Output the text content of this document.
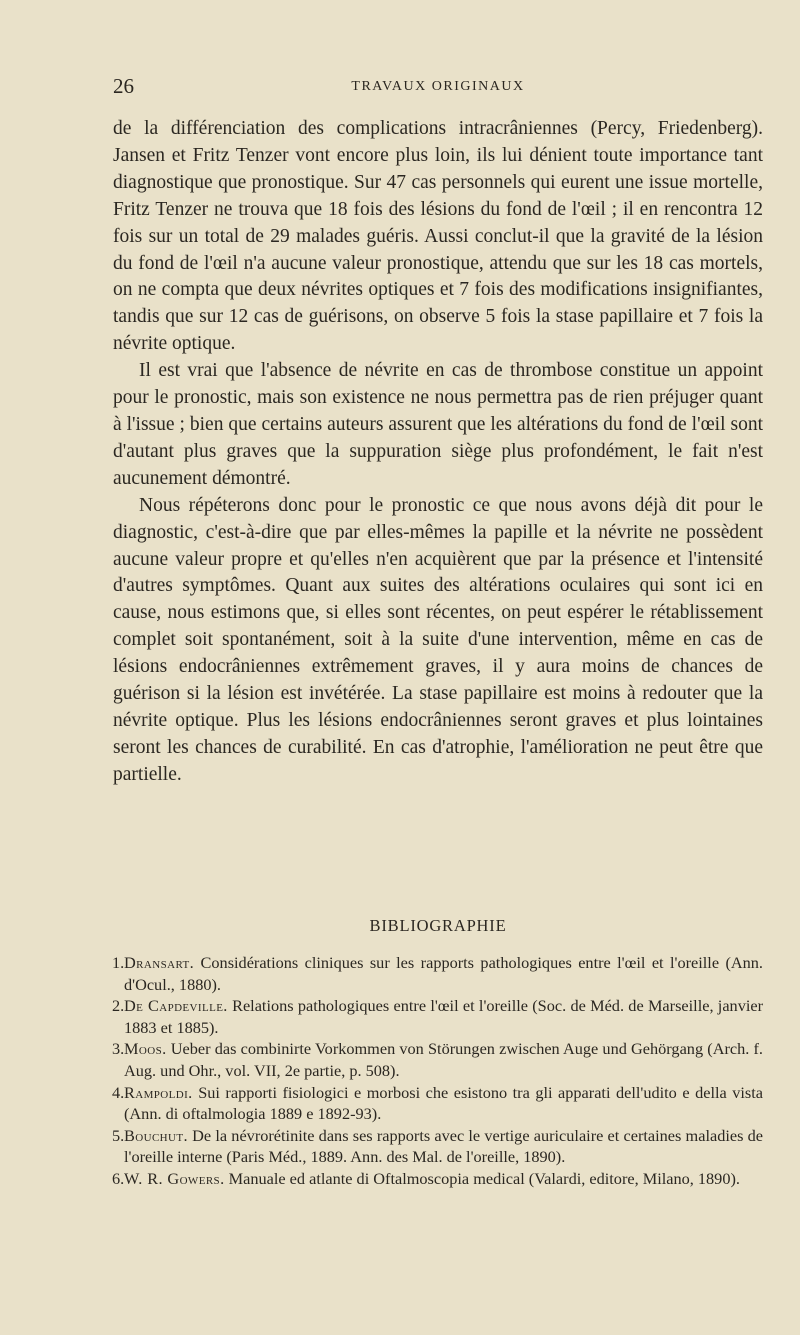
26	TRAVAUX ORIGINAUX

de la différenciation des complications intracrâniennes (Percy, Friedenberg). Jansen et Fritz Tenzer vont encore plus loin, ils lui dénient toute importance tant diagnostique que pronostique. Sur 47 cas personnels qui eurent une issue mortelle, Fritz Tenzer ne trouva que 18 fois des lésions du fond de l'œil ; il en rencontra 12 fois sur un total de 29 malades guéris. Aussi conclut-il que la gravité de la lésion du fond de l'œil n'a aucune valeur pronostique, attendu que sur les 18 cas mortels, on ne compta que deux névrites optiques et 7 fois des modifications insignifiantes, tandis que sur 12 cas de guérisons, on observe 5 fois la stase papillaire et 7 fois la névrite optique.

Il est vrai que l'absence de névrite en cas de thrombose constitue un appoint pour le pronostic, mais son existence ne nous permettra pas de rien préjuger quant à l'issue ; bien que certains auteurs assurent que les altérations du fond de l'œil sont d'autant plus graves que la suppuration siège plus profondément, le fait n'est aucunement démontré.

Nous répéterons donc pour le pronostic ce que nous avons déjà dit pour le diagnostic, c'est-à-dire que par elles-mêmes la papille et la névrite ne possèdent aucune valeur propre et qu'elles n'en acquièrent que par la présence et l'intensité d'autres symptômes. Quant aux suites des altérations oculaires qui sont ici en cause, nous estimons que, si elles sont récentes, on peut espérer le rétablissement complet soit spontanément, soit à la suite d'une intervention, même en cas de lésions endocrâniennes extrêmement graves, il y aura moins de chances de guérison si la lésion est invétérée. La stase papillaire est moins à redouter que la névrite optique. Plus les lésions endocrâniennes seront graves et plus lointaines seront les chances de curabilité. En cas d'atrophie, l'amélioration ne peut être que partielle.

BIBLIOGRAPHIE
1. Dransart. Considérations cliniques sur les rapports pathologiques entre l'œil et l'oreille (Ann. d'Ocul., 1880).
2. De Capdeville. Relations pathologiques entre l'œil et l'oreille (Soc. de Méd. de Marseille, janvier 1883 et 1885).
3. Moos. Ueber das combinirte Vorkommen von Störungen zwischen Auge und Gehörgang (Arch. f. Aug. und Ohr., vol. VII, 2e partie, p. 508).
4. Rampoldi. Sui rapporti fisiologici e morbosi che esistono tra gli apparati dell'udito e della vista (Ann. di oftalmologia 1889 e 1892-93).
5. Bouchut. De la névrorétinite dans ses rapports avec le vertige auriculaire et certaines maladies de l'oreille interne (Paris Méd., 1889. Ann. des Mal. de l'oreille, 1890).
6. W. R. Gowers. Manuale ed atlante di Oftalmoscopia medical (Valardi, editore, Milano, 1890).
